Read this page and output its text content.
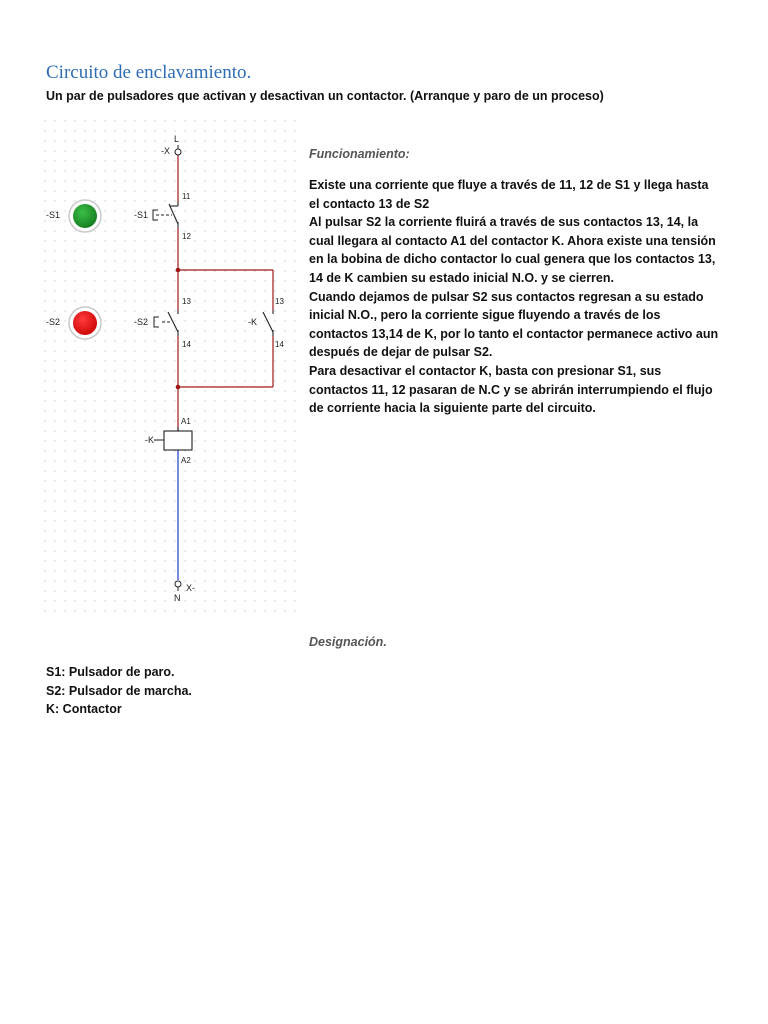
Circuito de enclavamiento.

Un par de pulsadores que activan y desactivan un contactor. (Arranque y paro de un proceso)

L
-X
11
-S1
12
13
-S2
14
13
-K
14
A1
-K
A2
X-
N
-S1
-S2

Funcionamiento:

Existe una corriente que fluye a través de 11, 12 de S1 y llega hasta el contacto 13 de S2

Al pulsar S2 la corriente fluirá a través de sus contactos 13, 14, la cual llegara al contacto A1 del contactor K. Ahora existe una tensión en la bobina de dicho contactor lo cual genera que los contactos 13, 14 de K cambien su estado inicial N.O. y se cierren.

Cuando dejamos de pulsar S2 sus contactos regresan a su estado inicial N.O., pero la corriente sigue fluyendo a través de los contactos 13,14 de K, por lo tanto el contactor permanece activo aun después de dejar de pulsar S2.

Para desactivar el contactor K, basta con presionar S1, sus contactos 11, 12 pasaran de N.C y se abrirán interrumpiendo el flujo de corriente hacia la siguiente parte del circuito.

Designación.

S1: Pulsador de paro.
S2: Pulsador de marcha.
K: Contactor
